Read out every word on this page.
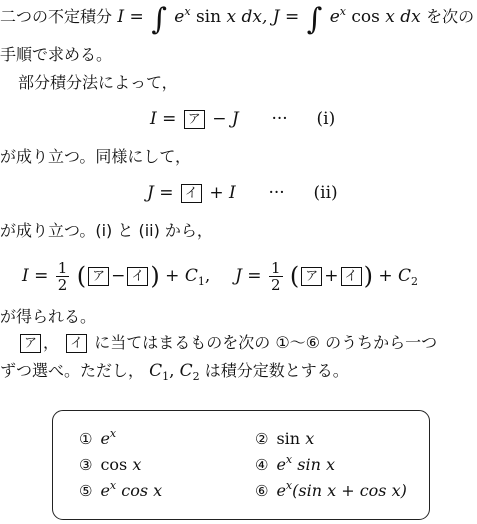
二つの不定積分 I = ∫ $e^x$ sin x dx, J = ∫ $e^x$ cos x dx を次の
手順で求める。
部分積分法によって，
I = ア − J ··· (i)
が成り立つ。同様にして，
J = イ + I ··· (ii)
が成り立つ。(i) と (ii) から，
$I = \frac{1}{2}$ ( ア − イ ) + $C_1$, $J = \frac{1}{2}$ ( ア + イ ) + $C_2$
が得られる。
ア ， イ に当てはまるものを次の ①～⑥ のうちから一つ
ずつ選べ。ただし， $C_1$, $C_2$ は積分定数とする。
① $e^x$	② sin x
③ cos x	④ $e^x$ sin x
⑤ $e^x$ cos x	⑥ $e^x(\sin$ x + cos x)
